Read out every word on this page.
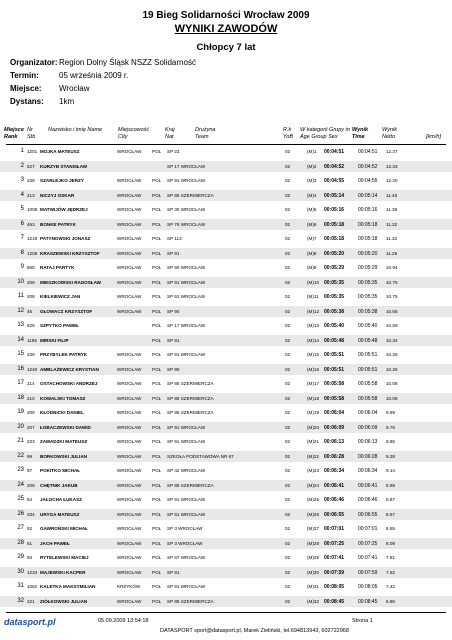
19 Bieg Solidarności Wrocław 2009
WYNIKI ZAWODÓW
Chłopcy 7 lat
Organizator:Region Dolny Śląsk NSZZ Solidarność
Termin:	05 września 2009 r.
Miejsce: Wrocław
Dystans: 1km
Miejsce Rank
Nr Stb
Nazwisko i imię Name	Miejscowość City
Kraj Nat
Drużyna Team
R.k YoB
W kategorii Grupy in Age Group Sex
Wynik Time
Wynik Netto	[km/h]
1 1201 MOJKA MATEUSZ	WROCŁAW POL SP 23	02	(M)1 00:04:51	00:04:51 12.37
2 627 KURZYB STANISŁAW	SP 17 WROCŁAW	02	(M)2 00:04:52	00:04:52 12.33
3 236 SZARLEJKO JERZY	WROCŁAW POL SP 91 WROCŁAW	02	(M)3 00:04:55	00:04:55 12.20
4 213 NICZYJ OSKAR	WROCŁAW POL SP 85 SZERMIERCZA	02	(M)4 00:05:14	00:05:14 11.46
5 1008 MATWIJÓW JĘDRZEJ	WROCŁAW POL SP 30 WROCŁAW	02	(M)5 00:05:16	00:05:16 11.39
6 463 BONKE PATRYK	WROCŁAW POL SP 76 WROCŁAW	02	(M)6 00:05:18	00:05:18 11.32
7 1218 PATYNOWSKI JONASZ	WROCŁAW POL SP 113	02	(M)7 00:05:18	00:05:18 11.32
8 1205 KRASZEWSKI KRZYSZTOF	WROCŁAW POL SP 91	02	(M)8 00:05:20	00:05:20 11.25
9 660 RATAJ PARTYK	WROCŁAW POL SP 90 WROCŁAW	02	(M)9 00:05:29	00:05:29 10.94
10 209 MIESZKOWSKI RADOSŁAW	WROCŁAW POL SP 91 WROCŁAW	02	(M)10 00:05:35	00:05:35 10.75
11 208 KIELKIEWICZ JAN	WROCŁAW POL SP 91 WROCŁAW	02	(M)11 00:05:35	00:05:35 10.75
12 46 GŁOWACZ KRZYSZTOF	WROCŁAW POL SP 90	02	(M)12 00:05:38	00:05:38 10.65
13 625 SZPYTKO PAWEŁ	POL SP 17 WROCŁAW	02	(M)13 00:05:40	00:05:40 10.59
14 1195 MIRSKI FILIP	POL SP 91	02	(M)14 00:05:48	00:05:48 10.34
15 239 PRZYBYLEK PATRYK	WROCŁAW POL SP 91 WROCŁAW	02	(M)15 00:05:51	00:05:51 10.26
16 1240 AMBLAŻEWICZ KRYSTIAN	WROCŁAW POL SP 90	02	(M)16 00:05:51	00:05:51 10.26
17 214 OSTACHOWSKI ANDRZEJ	WROCŁAW POL SP 85 SZERMIERCZA	02	(M)17 00:05:58	00:05:58 10.06
18 210 KOWALSKI TOMASZ	WROCŁAW POL SP 85 SZERMIERCZA	02	(M)18 00:05:58	00:05:58 10.06
19 209 KŁODNICKI DANIEL	WROCŁAW POL SP 85 SZERMIERCZA	02	(M)19 00:06:04	00:06:04 9.89
20 207 ŁOBACZEWSKI DAWID	WROCŁAW POL SP 91 WROCŁAW	02	(M)20 00:06:09	00:06:09 9.76
21 233 ZAWADZKI MATEUSZ	WROCŁAW POL SP 91 WROCŁAW	02	(M)21 00:06:13	00:06:13 9.65
22 99 BORKOWSKI JULIAN	WROCŁAW POL SZKOŁA PODSTAWOWA NR 67	02	(M)22 00:06:28	00:06:28 9.28
23 97 POKITKO MICHAŁ	WROCŁAW POL SP 42 WROCŁAW	02	(M)23 00:06:34	00:06:34 9.14
24 208 CHĘTNIK JAKUB	WROCŁAW POL SP 85 SZERMIERCZA	02	(M)24 00:06:41	00:06:41 8.98
25 64 JAŁOCHA ŁUKASZ	WROCŁAW POL SP 91 WROCŁAW	02	(M)25 00:06:46	00:06:46 8.87
26 334 URYGA MATEUSZ	WROCŁAW POL SP 61 WROCŁAW	02	(M)26 00:06:55	00:06:55 8.67
27 52 GAWROŃSKI MICHAŁ	WROCŁAW POL SP 3 WROCŁAW	02	(M)27 00:07:01	00:07:01 8.55
28 51 JACH PAWEŁ	WROCŁAW POL SP 3 WROCŁAW	02	(M)28 00:07:25	00:07:25 8.09
29 94 RYTELEWSKI MACIEJ	WROCŁAW POL SP 67 WROCŁAW	02	(M)29 00:07:41	00:07:41 7.81
30 1234 MAJEWSKI KACPER	WROCŁAW POL SP 91	02	(M)30 00:07:59	00:07:59 7.52
31 1062 KALETKA MAKSYMILIAN	KRZYKÓW	POL SP 91 WROCŁAW	02	(M)31 00:08:05	00:08:05 7.42
32 221 ZIÓŁKOWSKI JULIAN	WROCŁAW POL SP 85 SZERMIERCZA	02	(M)32 00:08:45	00:08:45 6.86
datasport.pl	05.09.2009 13:54:18	Strona 1
DATASPORT sport@datasport.pl, Marek Zieliński, tel.694813943, 602722968
